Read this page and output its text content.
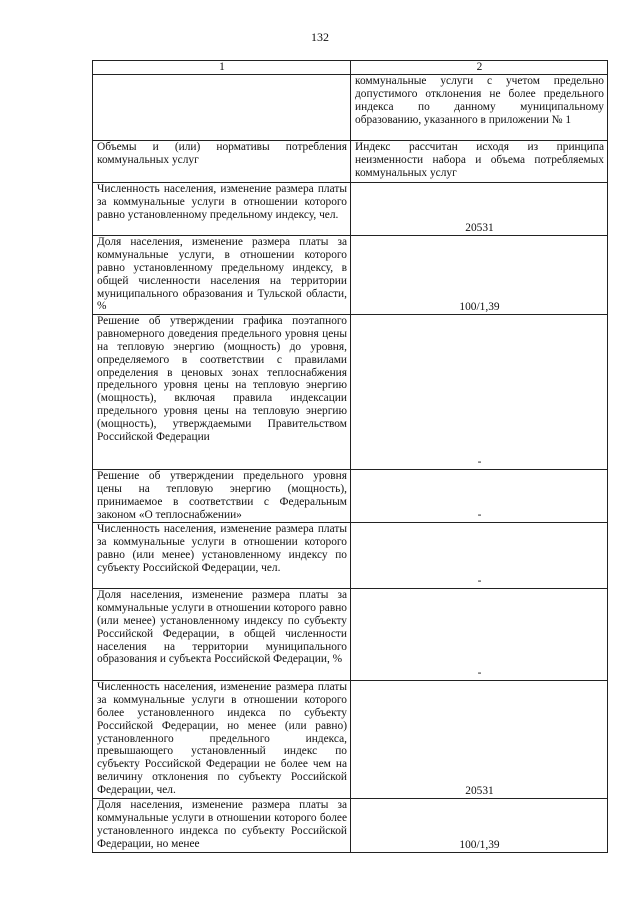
132
1	2
	коммунальные услуги с учетом предельно допустимого отклонения не более предельного индекса по данному муниципальному образованию, указанного в приложении № 1
Объемы и (или) нормативы потребления коммунальных услуг	Индекс рассчитан исходя из принципа неизменности набора и объема потребляемых коммунальных услуг
Численность населения, изменение размера платы за коммунальные услуги в отношении которого равно установленному предельному индексу, чел.	20531
Доля населения, изменение размера платы за коммунальные услуги, в отношении которого равно установленному предельному индексу, в общей численности населения на территории муниципального образования и Тульской области, %	100/1,39
Решение об утверждении графика поэтапного равномерного доведения предельного уровня цены на тепловую энергию (мощность) до уровня, определяемого в соответствии с правилами определения в ценовых зонах теплоснабжения предельного уровня цены на тепловую энергию (мощность), включая правила индексации предельного уровня цены на тепловую энергию (мощность), утверждаемыми Правительством Российской Федерации	-
Решение об утверждении предельного уровня цены на тепловую энергию (мощность), принимаемое в соответствии с Федеральным законом «О теплоснабжении»	-
Численность населения, изменение размера платы за коммунальные услуги в отношении которого равно (или менее) установленному индексу по субъекту Российской Федерации, чел.	-
Доля населения, изменение размера платы за коммунальные услуги в отношении которого равно (или менее) установленному индексу по субъекту Российской Федерации, в общей численности населения на территории муниципального образования и субъекта Российской Федерации, %	-
Численность населения, изменение размера платы за коммунальные услуги в отношении которого более установленного индекса по субъекту Российской Федерации, но менее (или равно) установленного предельного индекса, превышающего установленный индекс по субъекту Российской Федерации не более чем на величину отклонения по субъекту Российской Федерации, чел.	20531
Доля населения, изменение размера платы за коммунальные услуги в отношении которого более установленного индекса по субъекту Российской Федерации, но менее	100/1,39
